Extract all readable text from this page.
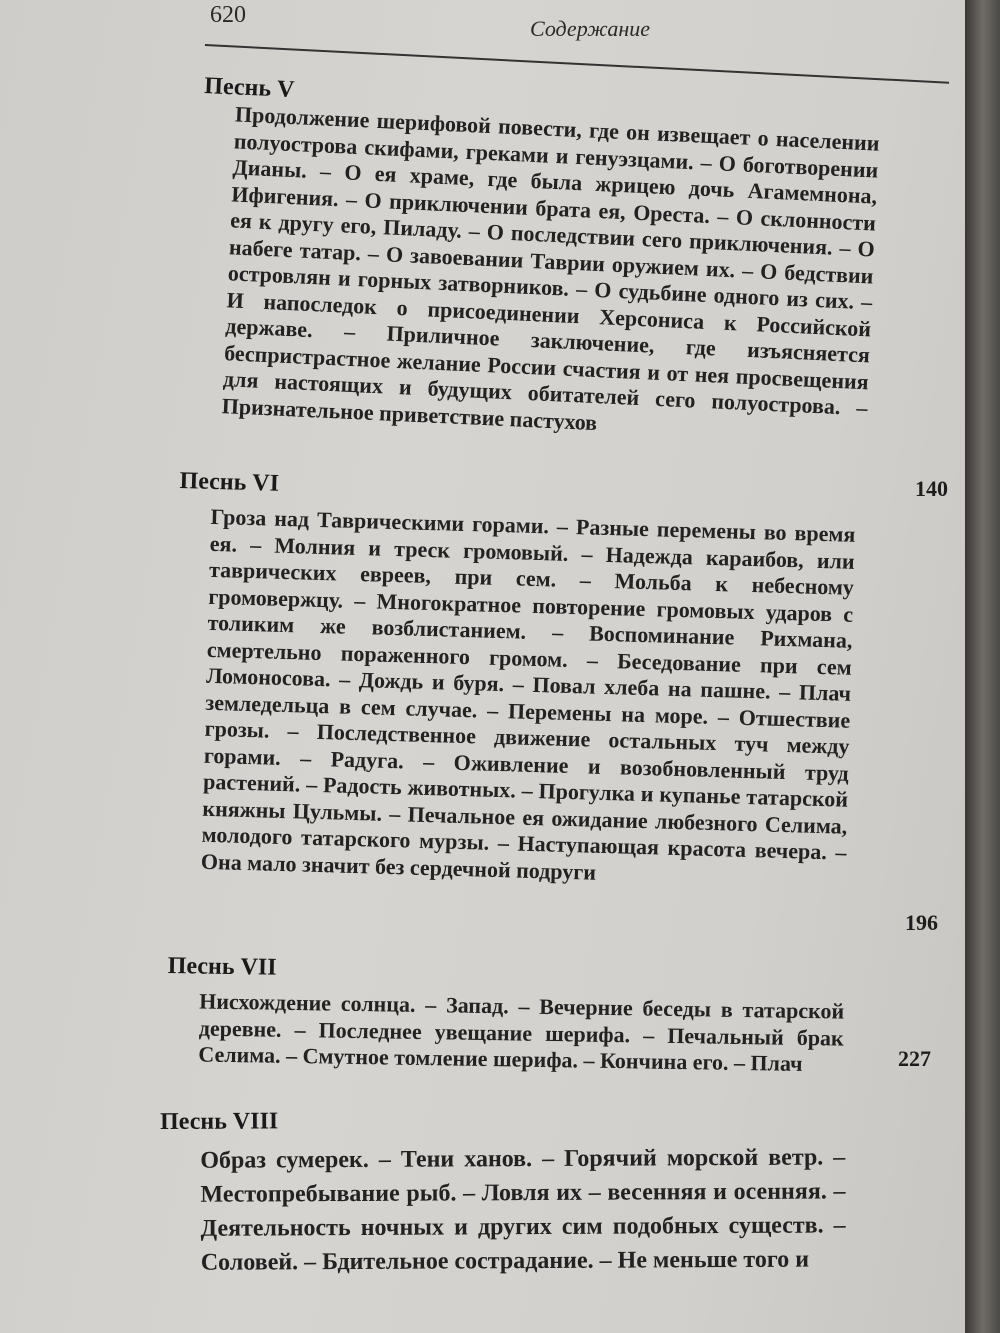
620
Содержание
Песнь V
Продолжение шерифовой повести, где он извещает о населении полуострова скифами, греками и генуэзцами. – О боготворении Дианы. – О ея храме, где была жрицею дочь Агамемнона, Ифигения. – О приключении брата ея, Ореста. – О склонности ея к другу его, Пиладу. – О последствии сего приключения. – О набеге татар. – О завоевании Таврии оружием их. – О бедствии островлян и горных затворников. – О судьбине одного из сих. – И напоследок о присоединении Херсониса к Российской державе. – Приличное заключение, где изъясняется беспристрастное желание России счастия и от нея просвещения для настоящих и будущих обитателей сего полуострова. – Признательное приветствие пастухов
140
Песнь VI
Гроза над Таврическими горами. – Разные перемены во время ея. – Молния и треск громовый. – Надежда караибов, или таврических евреев, при сем. – Мольба к небесному громовержцу. – Многократное повторение громовых ударов с толиким же возблистанием. – Воспоминание Рихмана, смертельно пораженного громом. – Беседование при сем Ломоносова. – Дождь и буря. – Повал хлеба на пашне. – Плач земледельца в сем случае. – Перемены на море. – Отшествие грозы. – Последственное движение остальных туч между горами. – Радуга. – Оживление и возобновленный труд растений. – Радость животных. – Прогулка и купанье татарской княжны Цульмы. – Печальное ея ожидание любезного Селима, молодого татарского мурзы. – Наступающая красота вечера. – Она мало значит без сердечной подруги
196
Песнь VII
Нисхождение солнца. – Запад. – Вечерние беседы в татарской деревне. – Последнее увещание шерифа. – Печальный брак Селима. – Смутное томление шерифа. – Кончина его. – Плач	227
Песнь VIII
Образ сумерек. – Тени ханов. – Горячий морской ветр. – Местопребывание рыб. – Ловля их – весенняя и осенняя. – Деятельность ночных и других сим подобных существ. – Соловей. – Бдительное сострадание. – Не меньше того и
